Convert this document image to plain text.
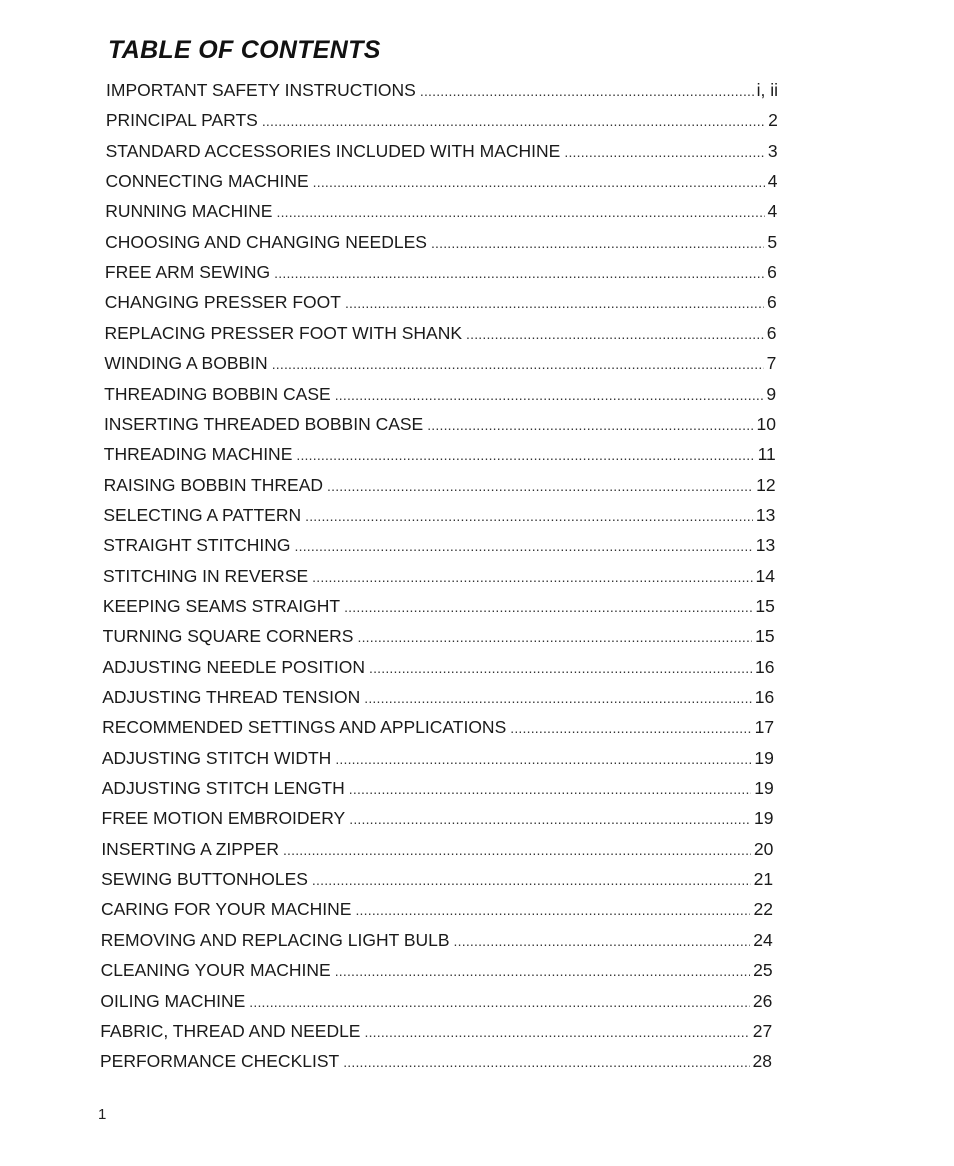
TABLE OF CONTENTS
IMPORTANT SAFETY INSTRUCTIONS .....	i, ii
PRINCIPAL PARTS .....	2
STANDARD ACCESSORIES INCLUDED WITH MACHINE .....	3
CONNECTING MACHINE .....	4
RUNNING MACHINE .....	4
CHOOSING AND CHANGING NEEDLES .....	5
FREE ARM SEWING .....	6
CHANGING PRESSER FOOT .....	6
REPLACING PRESSER FOOT WITH SHANK .....	6
WINDING A BOBBIN .....	7
THREADING BOBBIN CASE .....	9
INSERTING THREADED BOBBIN CASE .....	10
THREADING MACHINE .....	11
RAISING BOBBIN THREAD .....	12
SELECTING A PATTERN .....	13
STRAIGHT STITCHING .....	13
STITCHING IN REVERSE .....	14
KEEPING SEAMS STRAIGHT .....	15
TURNING SQUARE CORNERS .....	15
ADJUSTING NEEDLE POSITION .....	16
ADJUSTING THREAD TENSION .....	16
RECOMMENDED SETTINGS AND APPLICATIONS .....	17
ADJUSTING STITCH WIDTH .....	19
ADJUSTING STITCH LENGTH .....	19
FREE MOTION EMBROIDERY .....	19
INSERTING A ZIPPER .....	20
SEWING BUTTONHOLES .....	21
CARING FOR YOUR MACHINE .....	22
REMOVING AND REPLACING LIGHT BULB .....	24
CLEANING YOUR MACHINE .....	25
OILING MACHINE .....	26
FABRIC, THREAD AND NEEDLE .....	27
PERFORMANCE CHECKLIST .....	28
1
